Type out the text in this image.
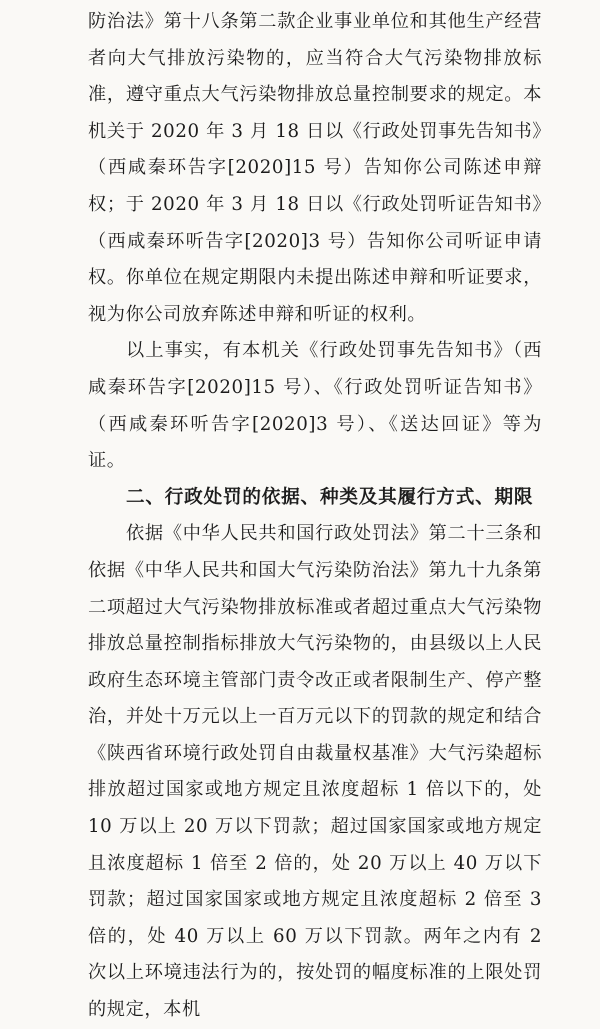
防治法》第十八条第二款企业事业单位和其他生产经营者向大气排放污染物的，应当符合大气污染物排放标准，遵守重点大气污染物排放总量控制要求的规定。本机关于 2020 年 3 月 18 日以《行政处罚事先告知书》（西咸秦环告字[2020]15 号）告知你公司陈述申辩权；于 2020 年 3 月 18 日以《行政处罚听证告知书》（西咸秦环听告字[2020]3 号）告知你公司听证申请权。你单位在规定期限内未提出陈述申辩和听证要求，视为你公司放弃陈述申辩和听证的权利。

以上事实，有本机关《行政处罚事先告知书》（西咸秦环告字[2020]15 号）、《行政处罚听证告知书》（西咸秦环听告字[2020]3 号）、《送达回证》等为证。

二、行政处罚的依据、种类及其履行方式、期限

依据《中华人民共和国行政处罚法》第二十三条和依据《中华人民共和国大气污染防治法》第九十九条第二项超过大气污染物排放标准或者超过重点大气污染物排放总量控制指标排放大气污染物的，由县级以上人民政府生态环境主管部门责令改正或者限制生产、停产整治，并处十万元以上一百万元以下的罚款的规定和结合《陕西省环境行政处罚自由裁量权基准》大气污染超标排放超过国家或地方规定且浓度超标 1 倍以下的，处 10 万以上 20 万以下罚款；超过国家国家或地方规定且浓度超标 1 倍至 2 倍的，处 20 万以上 40 万以下罚款；超过国家国家或地方规定且浓度超标 2 倍至 3 倍的，处 40 万以上 60 万以下罚款。两年之内有 2 次以上环境违法行为的，按处罚的幅度标准的上限处罚的规定，本机
